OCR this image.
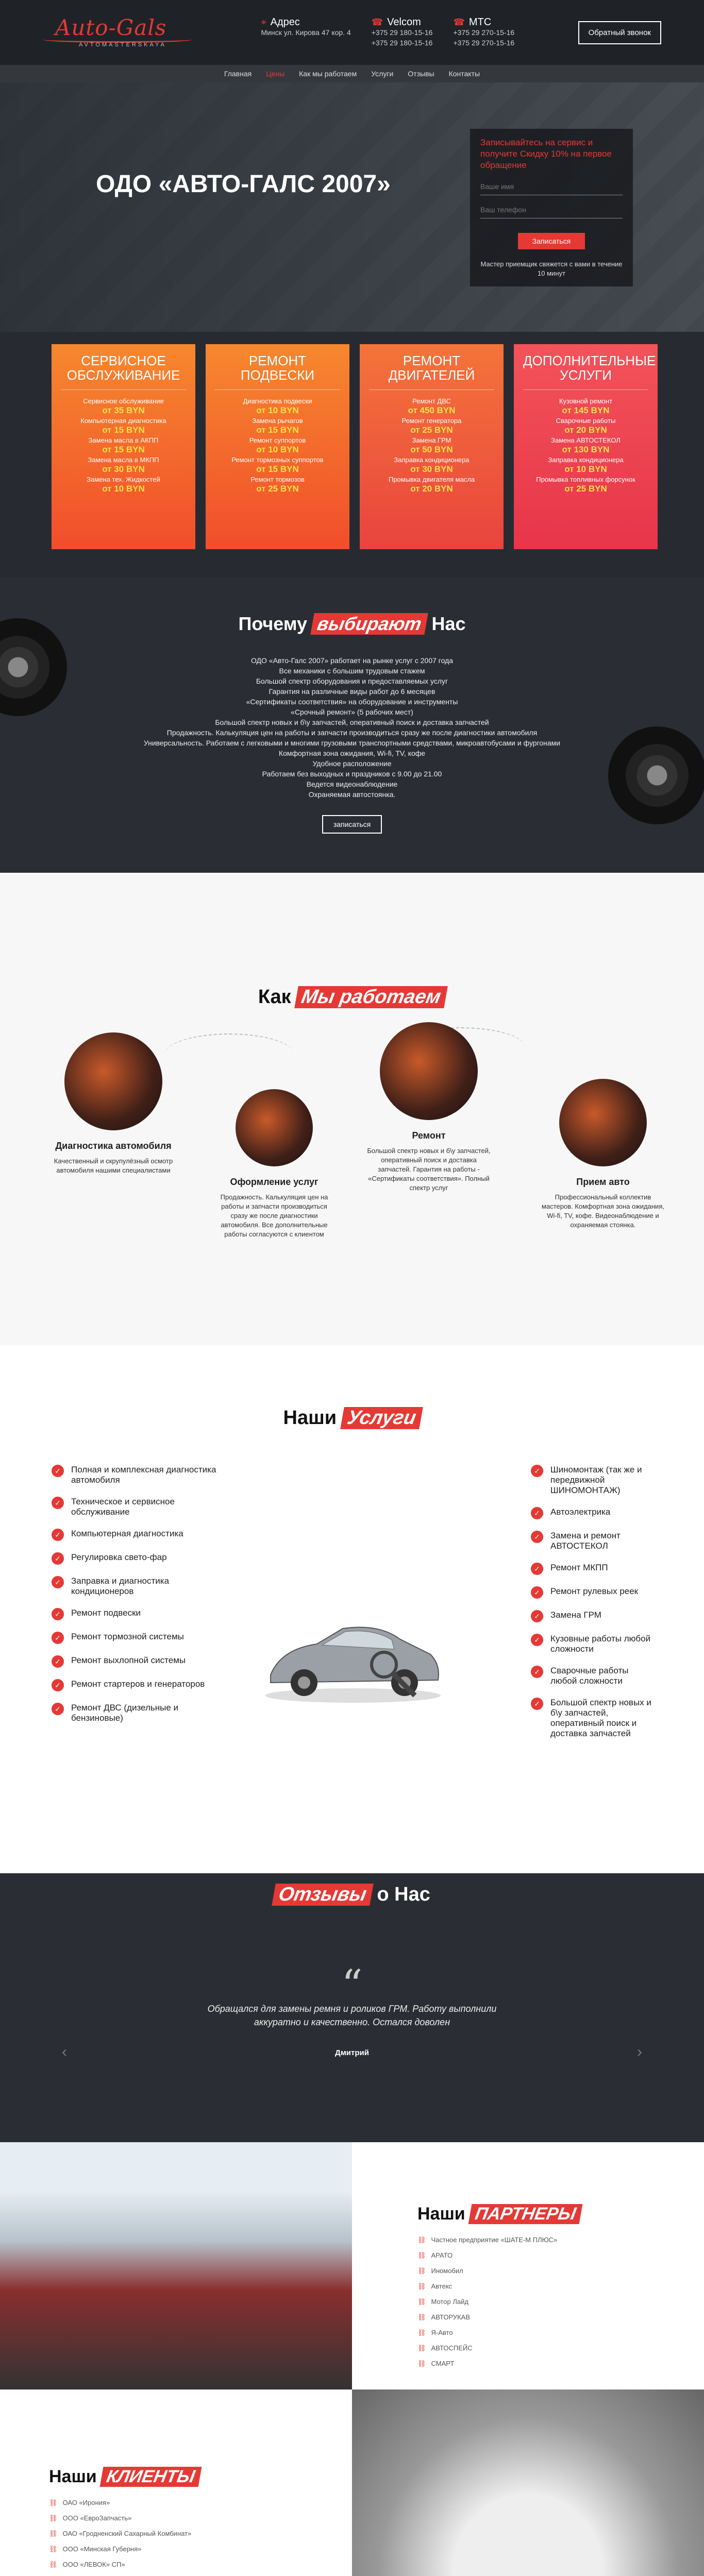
Auto-Gals
AVTOMASTERSKAYA
⌖ Адрес
Минск ул. Кирова 47 кор. 4
☎ Velcom
+375 29 180-15-16
+375 29 180-15-16
☎ МТС
+375 29 270-15-16
+375 29 270-15-16
Обратный звонок
Главная Цены Как мы работаем Услуги Отзывы Контакты
ОДО «АВТО-ГАЛС 2007»
Записывайтесь на сервис и получите Скидку 10% на первое обращение
Ваше имя Ваш телефон
Записаться
Мастер приемщик свяжется с вами в течение 10 минут
СЕРВИСНОЕ ОБСЛУЖИВАНИЕ
Сервисное обслуживание
от 35 BYN
Компьютерная диагностика
от 15 BYN
Замена масла в АКПП
от 15 BYN
Замена масла в МКПП
от 30 BYN
Замена тех. Жидкостей
от 10 BYN
РЕМОНТ ПОДВЕСКИ
Диагностика подвески
от 10 BYN
Замена рычагов
от 15 BYN
Ремонт суппортов
от 10 BYN
Ремонт тормозных суппортов
от 15 BYN
Ремонт тормозов
от 25 BYN
РЕМОНТ ДВИГАТЕЛЕЙ
Ремонт ДВС
от 450 BYN
Ремонт генератора
от 25 BYN
Замена ГРМ
от 50 BYN
Заправка кондиционера
от 30 BYN
Промывка двигателя масла
от 20 BYN
ДОПОЛНИТЕЛЬНЫЕ УСЛУГИ
Кузовной ремонт
от 145 BYN
Сварочные работы
от 20 BYN
Замена АВТОСТЕКОЛ
от 130 BYN
Заправка кондиционера
от 10 BYN
Промывка топливных форсунок
от 25 BYN
Почему выбирают Нас
ОДО «Авто-Галс 2007» работает на рынке услуг с 2007 года
Все механики с большим трудовым стажем
Большой спектр оборудования и предоставляемых услуг
Гарантия на различные виды работ до 6 месяцев
«Сертификаты соответствия» на оборудование и инструменты
«Срочный ремонт» (5 рабочих мест)
Большой спектр новых и б\у запчастей, оперативный поиск и доставка запчастей
Продажность. Калькуляция цен на работы и запчасти производиться сразу же после диагностики автомобиля
Универсальность. Работаем с легковыми и многими грузовыми транспортными средствами, микроавтобусами и фургонами
Комфортная зона ожидания, Wi-fi, TV, кофе
Удобное расположение
Работаем без выходных и праздников с 9.00 до 21.00
Ведется видеонаблюдение
Охраняемая автостоянка.
записаться
Как Мы работаем
Диагностика автомобиля
Качественный и скрупулёзный осмотр автомобиля нашими специалистами
Оформление услуг
Продажность. Калькуляция цен на работы и запчасти производиться сразу же после диагностики автомобиля. Все дополнительные работы согласуются с клиентом
Ремонт
Большой спектр новых и б\у запчастей, оперативный поиск и доставка запчастей. Гарантия на работы - «Сертификаты соответствия». Полный спектр услуг
Прием авто
Профессиональный коллектив мастеров. Комфортная зона ожидания, Wi-fi, TV, кофе. Видеонаблюдение и охраняемая стоянка.
Наши Услуги
✓	Полная и комплексная диагностика автомобиля
✓	Техническое и сервисное обслуживание
✓	Компьютерная диагностика
✓	Регулировка свето-фар
✓	Заправка и диагностика кондиционеров
✓	Ремонт подвески
✓	Ремонт тормозной системы
✓	Ремонт выхлопной системы
✓	Ремонт стартеров и генераторов
✓	Ремонт ДВС (дизельные и бензиновые)
✓	Шиномонтаж (так же и передвижной ШИНОМОНТАЖ)
✓	Автоэлектрика
✓	Замена и ремонт АВТОСТЕКОЛ
✓	Ремонт МКПП
✓	Ремонт рулевых реек
✓	Замена ГРМ
✓	Кузовные работы любой сложности
✓	Сварочные работы любой сложности
✓	Большой спектр новых и б\у запчастей, оперативный поиск и доставка запчастей
Отзывы о Нас
“
Обращался для замены ремня и роликов ГРМ. Работу выполнили
аккуратно и качественно. Остался доволен
Дмитрий
‹	›
Наши ПАРТНЕРЫ
⛓ Частное предприятие «ШАТЕ-М ПЛЮС»
⛓ АРАТО
⛓ Иномобил
⛓ Автекс
⛓ Мотор Лайд
⛓ АВТОРУКАВ
⛓ Я-Авто
⛓ АВТОСПЕЙС
⛓ СМАРТ
Наши КЛИЕНТЫ
⛓ ОАО «Ирония»
⛓ ООО «ЕвроЗапчасть»
⛓ ОАО «Гродненский Сахарный Комбинат»
⛓ ООО «Минская Губерня»
⛓ ООО «ЛЕВОК» СП»
